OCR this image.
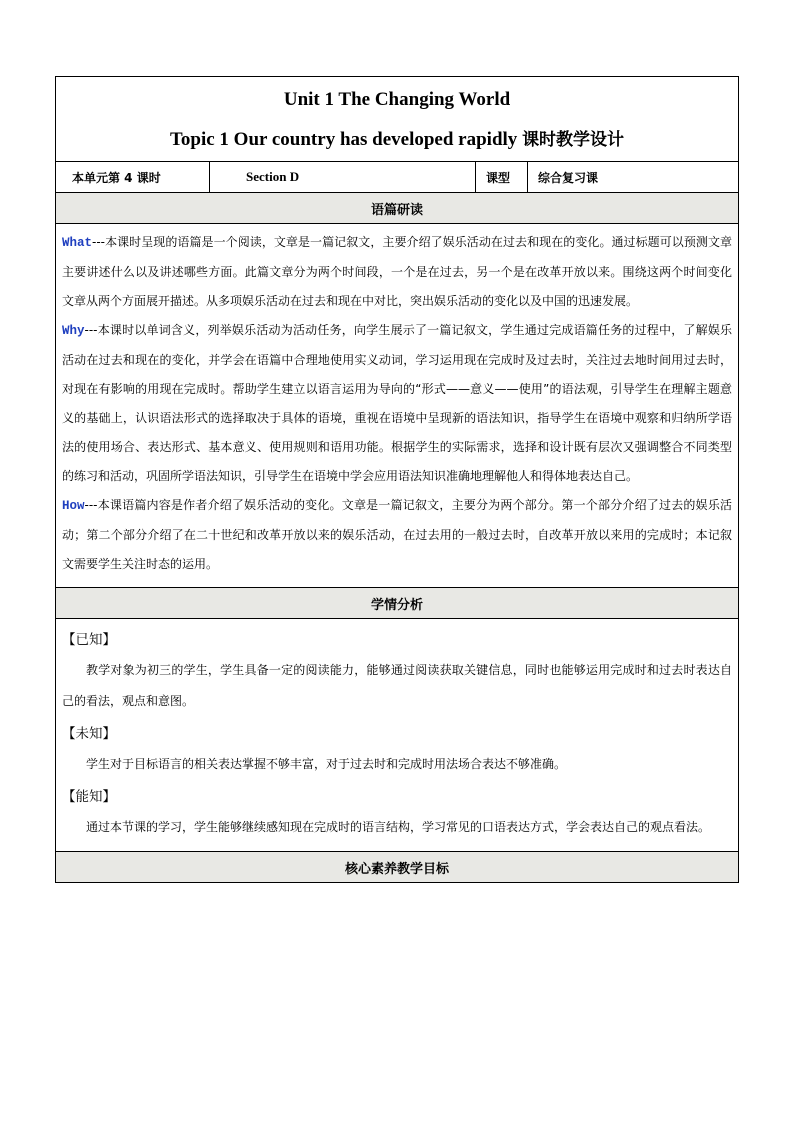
Unit 1 The Changing World
Topic 1 Our country has developed rapidly 课时教学设计

本单元第 4 课时	Section D	课型	综合复习课
语篇研读

What---本课时呈现的语篇是一个阅读，文章是一篇记叙文，主要介绍了娱乐活动在过去和现在的变化。通过标题可以预测文章主要讲述什么以及讲述哪些方面。此篇文章分为两个时间段，一个是在过去，另一个是在改革开放以来。围绕这两个时间变化文章从两个方面展开描述。从多项娱乐活动在过去和现在中对比，突出娱乐活动的变化以及中国的迅速发展。

Why---本课时以单词含义，列举娱乐活动为活动任务，向学生展示了一篇记叙文，学生通过完成语篇任务的过程中，了解娱乐活动在过去和现在的变化，并学会在语篇中合理地使用实义动词，学习运用现在完成时及过去时，关注过去地时间用过去时，对现在有影响的用现在完成时。帮助学生建立以语言运用为导向的“形式——意义——使用”的语法观，引导学生在理解主题意义的基础上，认识语法形式的选择取决于具体的语境，重视在语境中呈现新的语法知识，指导学生在语境中观察和归纳所学语法的使用场合、表达形式、基本意义、使用规则和语用功能。根据学生的实际需求，选择和设计既有层次又强调整合不同类型的练习和活动，巩固所学语法知识，引导学生在语境中学会应用语法知识准确地理解他人和得体地表达自己。

How---本课语篇内容是作者介绍了娱乐活动的变化。文章是一篇记叙文，主要分为两个部分。第一个部分介绍了过去的娱乐活动；第二个部分介绍了在二十世纪和改革开放以来的娱乐活动，在过去用的一般过去时，自改革开放以来用的完成时；本记叙文需要学生关注时态的运用。

学情分析

【已知】

教学对象为初三的学生，学生具备一定的阅读能力，能够通过阅读获取关键信息，同时也能够运用完成时和过去时表达自己的看法，观点和意图。

【未知】

学生对于目标语言的相关表达掌握不够丰富，对于过去时和完成时用法场合表达不够准确。

【能知】

通过本节课的学习，学生能够继续感知现在完成时的语言结构，学习常见的口语表达方式，学会表达自己的观点看法。

核心素养教学目标
